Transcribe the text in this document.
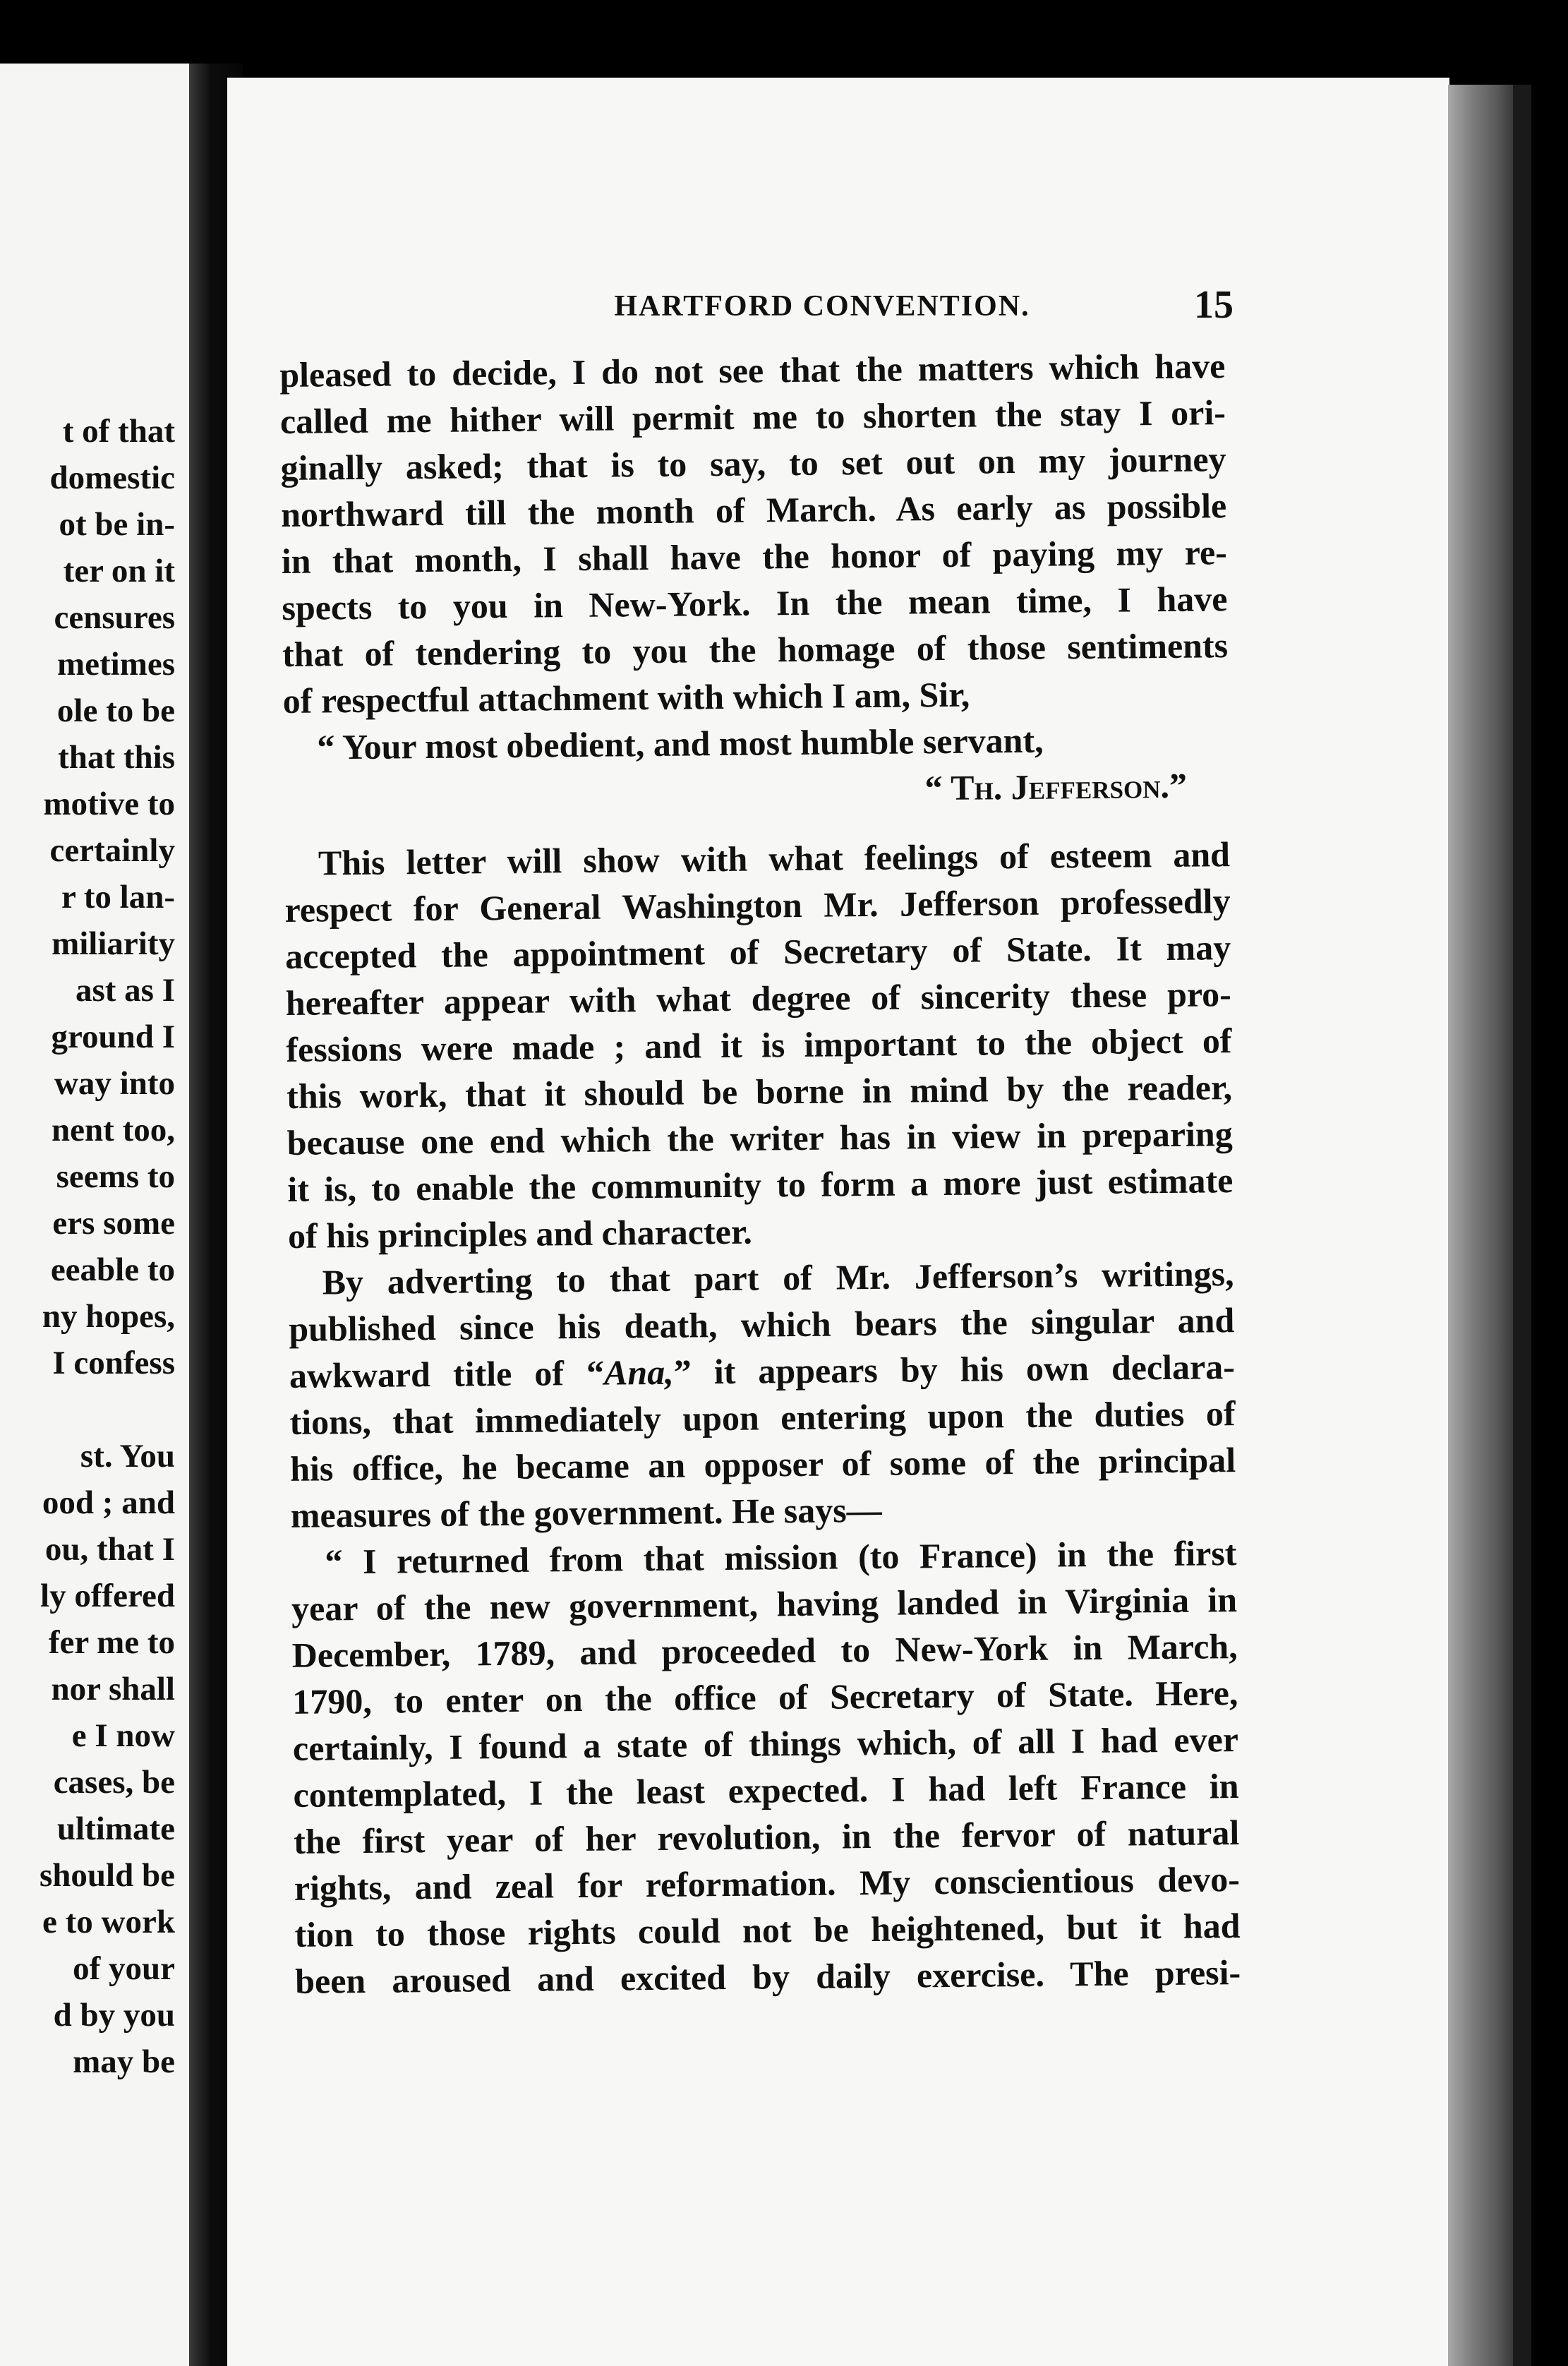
t of that
domestic
ot be in-
ter on it
censures
metimes
ole to be
that this
motive to
certainly
r to lan-
miliarity
ast as I
ground I
way into
nent too,
seems to
ers some
eeable to
ny hopes,
I confess

st. You
ood ; and
ou, that I
ly offered
fer me to
nor shall
e I now
cases, be
ultimate
should be
e to work
of your
d by you
may be
HARTFORD CONVENTION.	15
pleased to decide, I do not see that the matters which have
called me hither will permit me to shorten the stay I ori-
ginally asked; that is to say, to set out on my journey
northward till the month of March. As early as possible
in that month, I shall have the honor of paying my re-
spects to you in New-York. In the mean time, I have
that of tendering to you the homage of those sentiments
of respectful attachment with which I am, Sir,
“ Your most obedient, and most humble servant,
“ Th. Jefferson.”
This letter will show with what feelings of esteem and
respect for General Washington Mr. Jefferson professedly
accepted the appointment of Secretary of State. It may
hereafter appear with what degree of sincerity these pro-
fessions were made ; and it is important to the object of
this work, that it should be borne in mind by the reader,
because one end which the writer has in view in preparing
it is, to enable the community to form a more just estimate
of his principles and character.
By adverting to that part of Mr. Jefferson’s writings,
published since his death, which bears the singular and
awkward title of “Ana,” it appears by his own declara-
tions, that immediately upon entering upon the duties of
his office, he became an opposer of some of the principal
measures of the government. He says—
“ I returned from that mission (to France) in the first
year of the new government, having landed in Virginia in
December, 1789, and proceeded to New-York in March,
1790, to enter on the office of Secretary of State. Here,
certainly, I found a state of things which, of all I had ever
contemplated, I the least expected. I had left France in
the first year of her revolution, in the fervor of natural
rights, and zeal for reformation. My conscientious devo-
tion to those rights could not be heightened, but it had
been aroused and excited by daily exercise. The presi-
